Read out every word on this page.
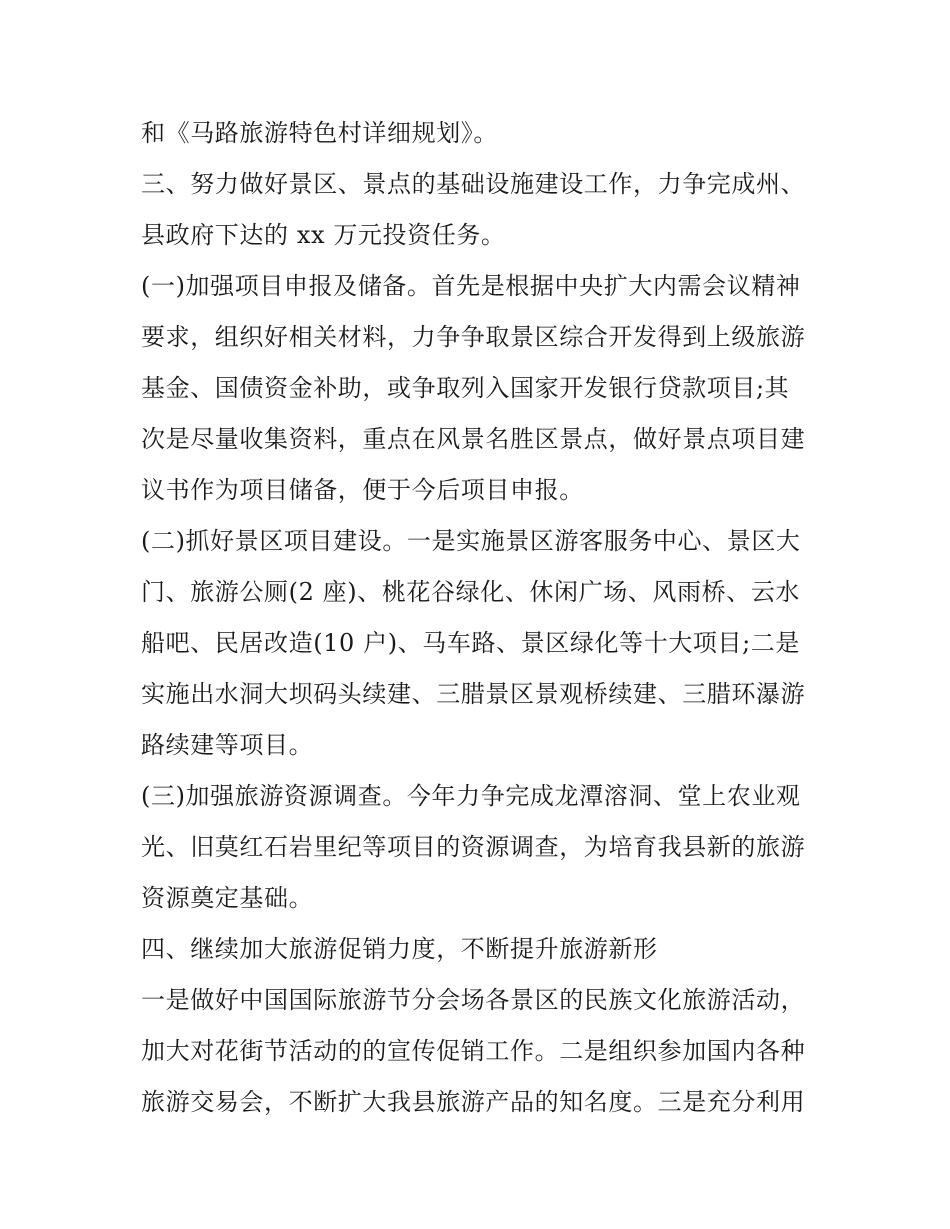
和《马路旅游特色村详细规划》。
三、努力做好景区、景点的基础设施建设工作，力争完成州、
县政府下达的 xx 万元投资任务。
(一)加强项目申报及储备。首先是根据中央扩大内需会议精神
要求，组织好相关材料，力争争取景区综合开发得到上级旅游
基金、国债资金补助，或争取列入国家开发银行贷款项目;其
次是尽量收集资料，重点在风景名胜区景点，做好景点项目建
议书作为项目储备，便于今后项目申报。
(二)抓好景区项目建设。一是实施景区游客服务中心、景区大
门、旅游公厕(2 座)、桃花谷绿化、休闲广场、风雨桥、云水
船吧、民居改造(10 户)、马车路、景区绿化等十大项目;二是
实施出水洞大坝码头续建、三腊景区景观桥续建、三腊环瀑游
路续建等项目。
(三)加强旅游资源调查。今年力争完成龙潭溶洞、堂上农业观
光、旧莫红石岩里纪等项目的资源调查，为培育我县新的旅游
资源奠定基础。
四、继续加大旅游促销力度，不断提升旅游新形
一是做好中国国际旅游节分会场各景区的民族文化旅游活动，
加大对花街节活动的的宣传促销工作。二是组织参加国内各种
旅游交易会，不断扩大我县旅游产品的知名度。三是充分利用
